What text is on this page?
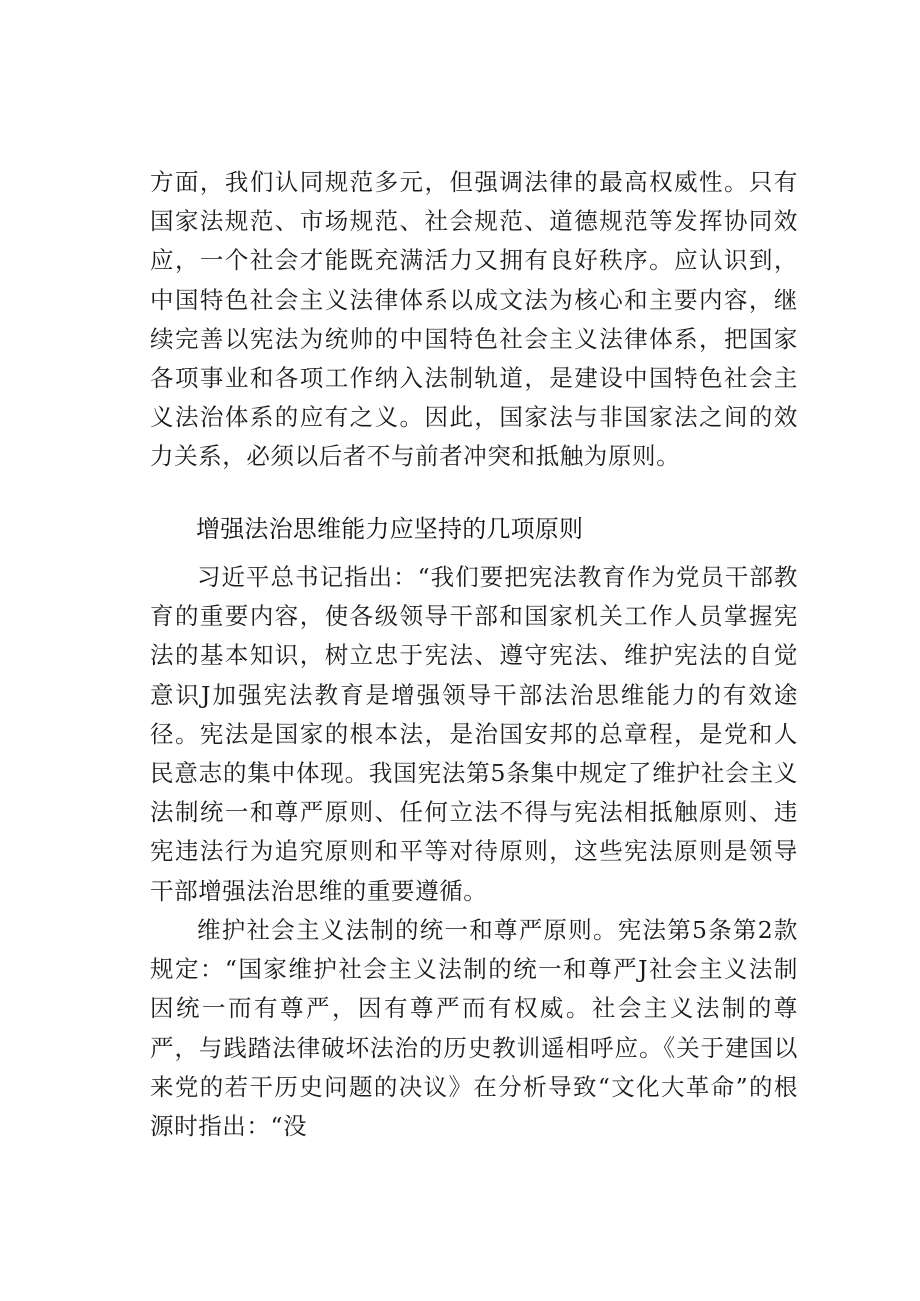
方面，我们认同规范多元，但强调法律的最高权威性。只有国家法规范、市场规范、社会规范、道德规范等发挥协同效应，一个社会才能既充满活力又拥有良好秩序。应认识到，中国特色社会主义法律体系以成文法为核心和主要内容，继续完善以宪法为统帅的中国特色社会主义法律体系，把国家各项事业和各项工作纳入法制轨道，是建设中国特色社会主义法治体系的应有之义。因此，国家法与非国家法之间的效力关系，必须以后者不与前者冲突和抵触为原则。

增强法治思维能力应坚持的几项原则

习近平总书记指出：“我们要把宪法教育作为党员干部教育的重要内容，使各级领导干部和国家机关工作人员掌握宪法的基本知识，树立忠于宪法、遵守宪法、维护宪法的自觉意识J加强宪法教育是增强领导干部法治思维能力的有效途径。宪法是国家的根本法，是治国安邦的总章程，是党和人民意志的集中体现。我国宪法第5条集中规定了维护社会主义法制统一和尊严原则、任何立法不得与宪法相抵触原则、违宪违法行为追究原则和平等对待原则，这些宪法原则是领导干部增强法治思维的重要遵循。

维护社会主义法制的统一和尊严原则。宪法第5条第2款规定：“国家维护社会主义法制的统一和尊严J社会主义法制因统一而有尊严，因有尊严而有权威。社会主义法制的尊严，与践踏法律破坏法治的历史教训遥相呼应。《关于建国以来党的若干历史问题的决议》在分析导致“文化大革命”的根源时指出：“没
